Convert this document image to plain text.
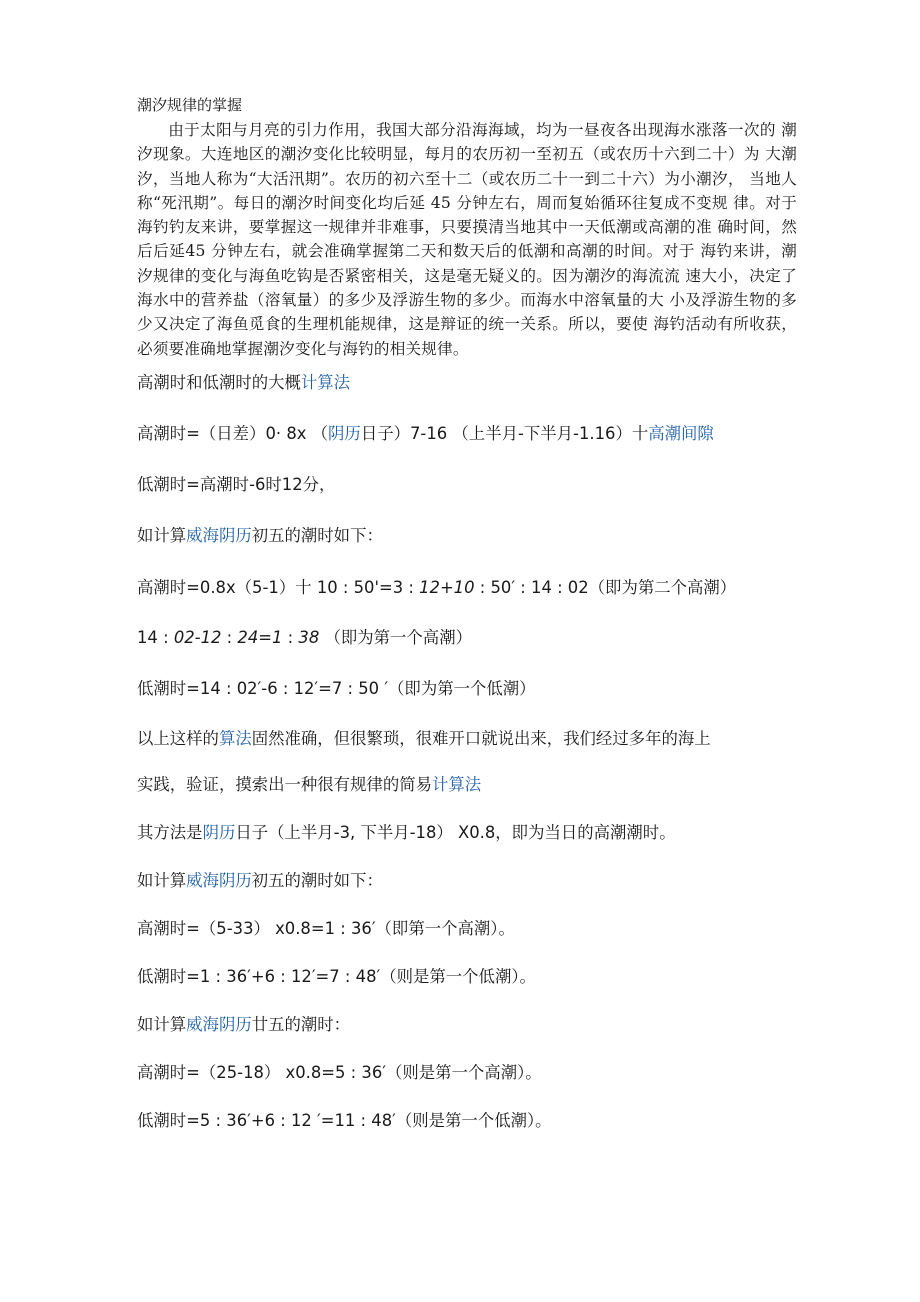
潮汐规律的掌握

由于太阳与月亮的引力作用，我国大部分沿海海域，均为一昼夜各出现海水涨落一次的 潮汐现象。大连地区的潮汐变化比较明显，每月的农历初一至初五（或农历十六到二十）为 大潮汐，当地人称为“大活汛期”。农历的初六至十二（或农历二十一到二十六）为小潮汐， 当地人称“死汛期”。每日的潮汐时间变化均后延 45 分钟左右，周而复始循环往复成不变规 律。对于海钓钓友来讲，要掌握这一规律并非难事，只要摸清当地其中一天低潮或高潮的准 确时间，然后后延45 分钟左右，就会准确掌握第二天和数天后的低潮和高潮的时间。对于 海钓来讲，潮汐规律的变化与海鱼吃钩是否紧密相关，这是毫无疑义的。因为潮汐的海流流 速大小，决定了海水中的营养盐（溶氧量）的多少及浮游生物的多少。而海水中溶氧量的大 小及浮游生物的多少又决定了海鱼觅食的生理机能规律，这是辩证的统一关系。所以，要使 海钓活动有所收获，必须要准确地掌握潮汐变化与海钓的相关规律。

高潮时和低潮时的大概计算法

高潮时=（日差）0· 8x （阴历日子）7-16 （上半月-下半月-1.16）十高潮间隙

低潮时=高潮时-6时12分，

如计算威海阴历初五的潮时如下：

高潮时=0.8x（5-1）十 10 : 50'=3 : 12+10 : 50′ : 14 : 02（即为第二个高潮）

14 : 02-12 : 24=1 : 38 （即为第一个高潮）

低潮时=14 : 02′-6 : 12′=7 : 50 ′（即为第一个低潮）

以上这样的算法固然准确，但很繁琐，很难开口就说出来，我们经过多年的海上

实践，验证，摸索出一种很有规律的简易计算法

其方法是阴历日子（上半月-3, 下半月-18） X0.8，即为当日的高潮潮时。

如计算威海阴历初五的潮时如下：

高潮时=（5-33） x0.8=1 : 36′（即第一个高潮）。

低潮时=1 : 36′+6 : 12′=7 : 48′（则是第一个低潮）。

如计算威海阴历廿五的潮时：

高潮时=（25-18） x0.8=5 : 36′（则是第一个高潮）。

低潮时=5 : 36′+6 : 12 ′=11 : 48′（则是第一个低潮）。
